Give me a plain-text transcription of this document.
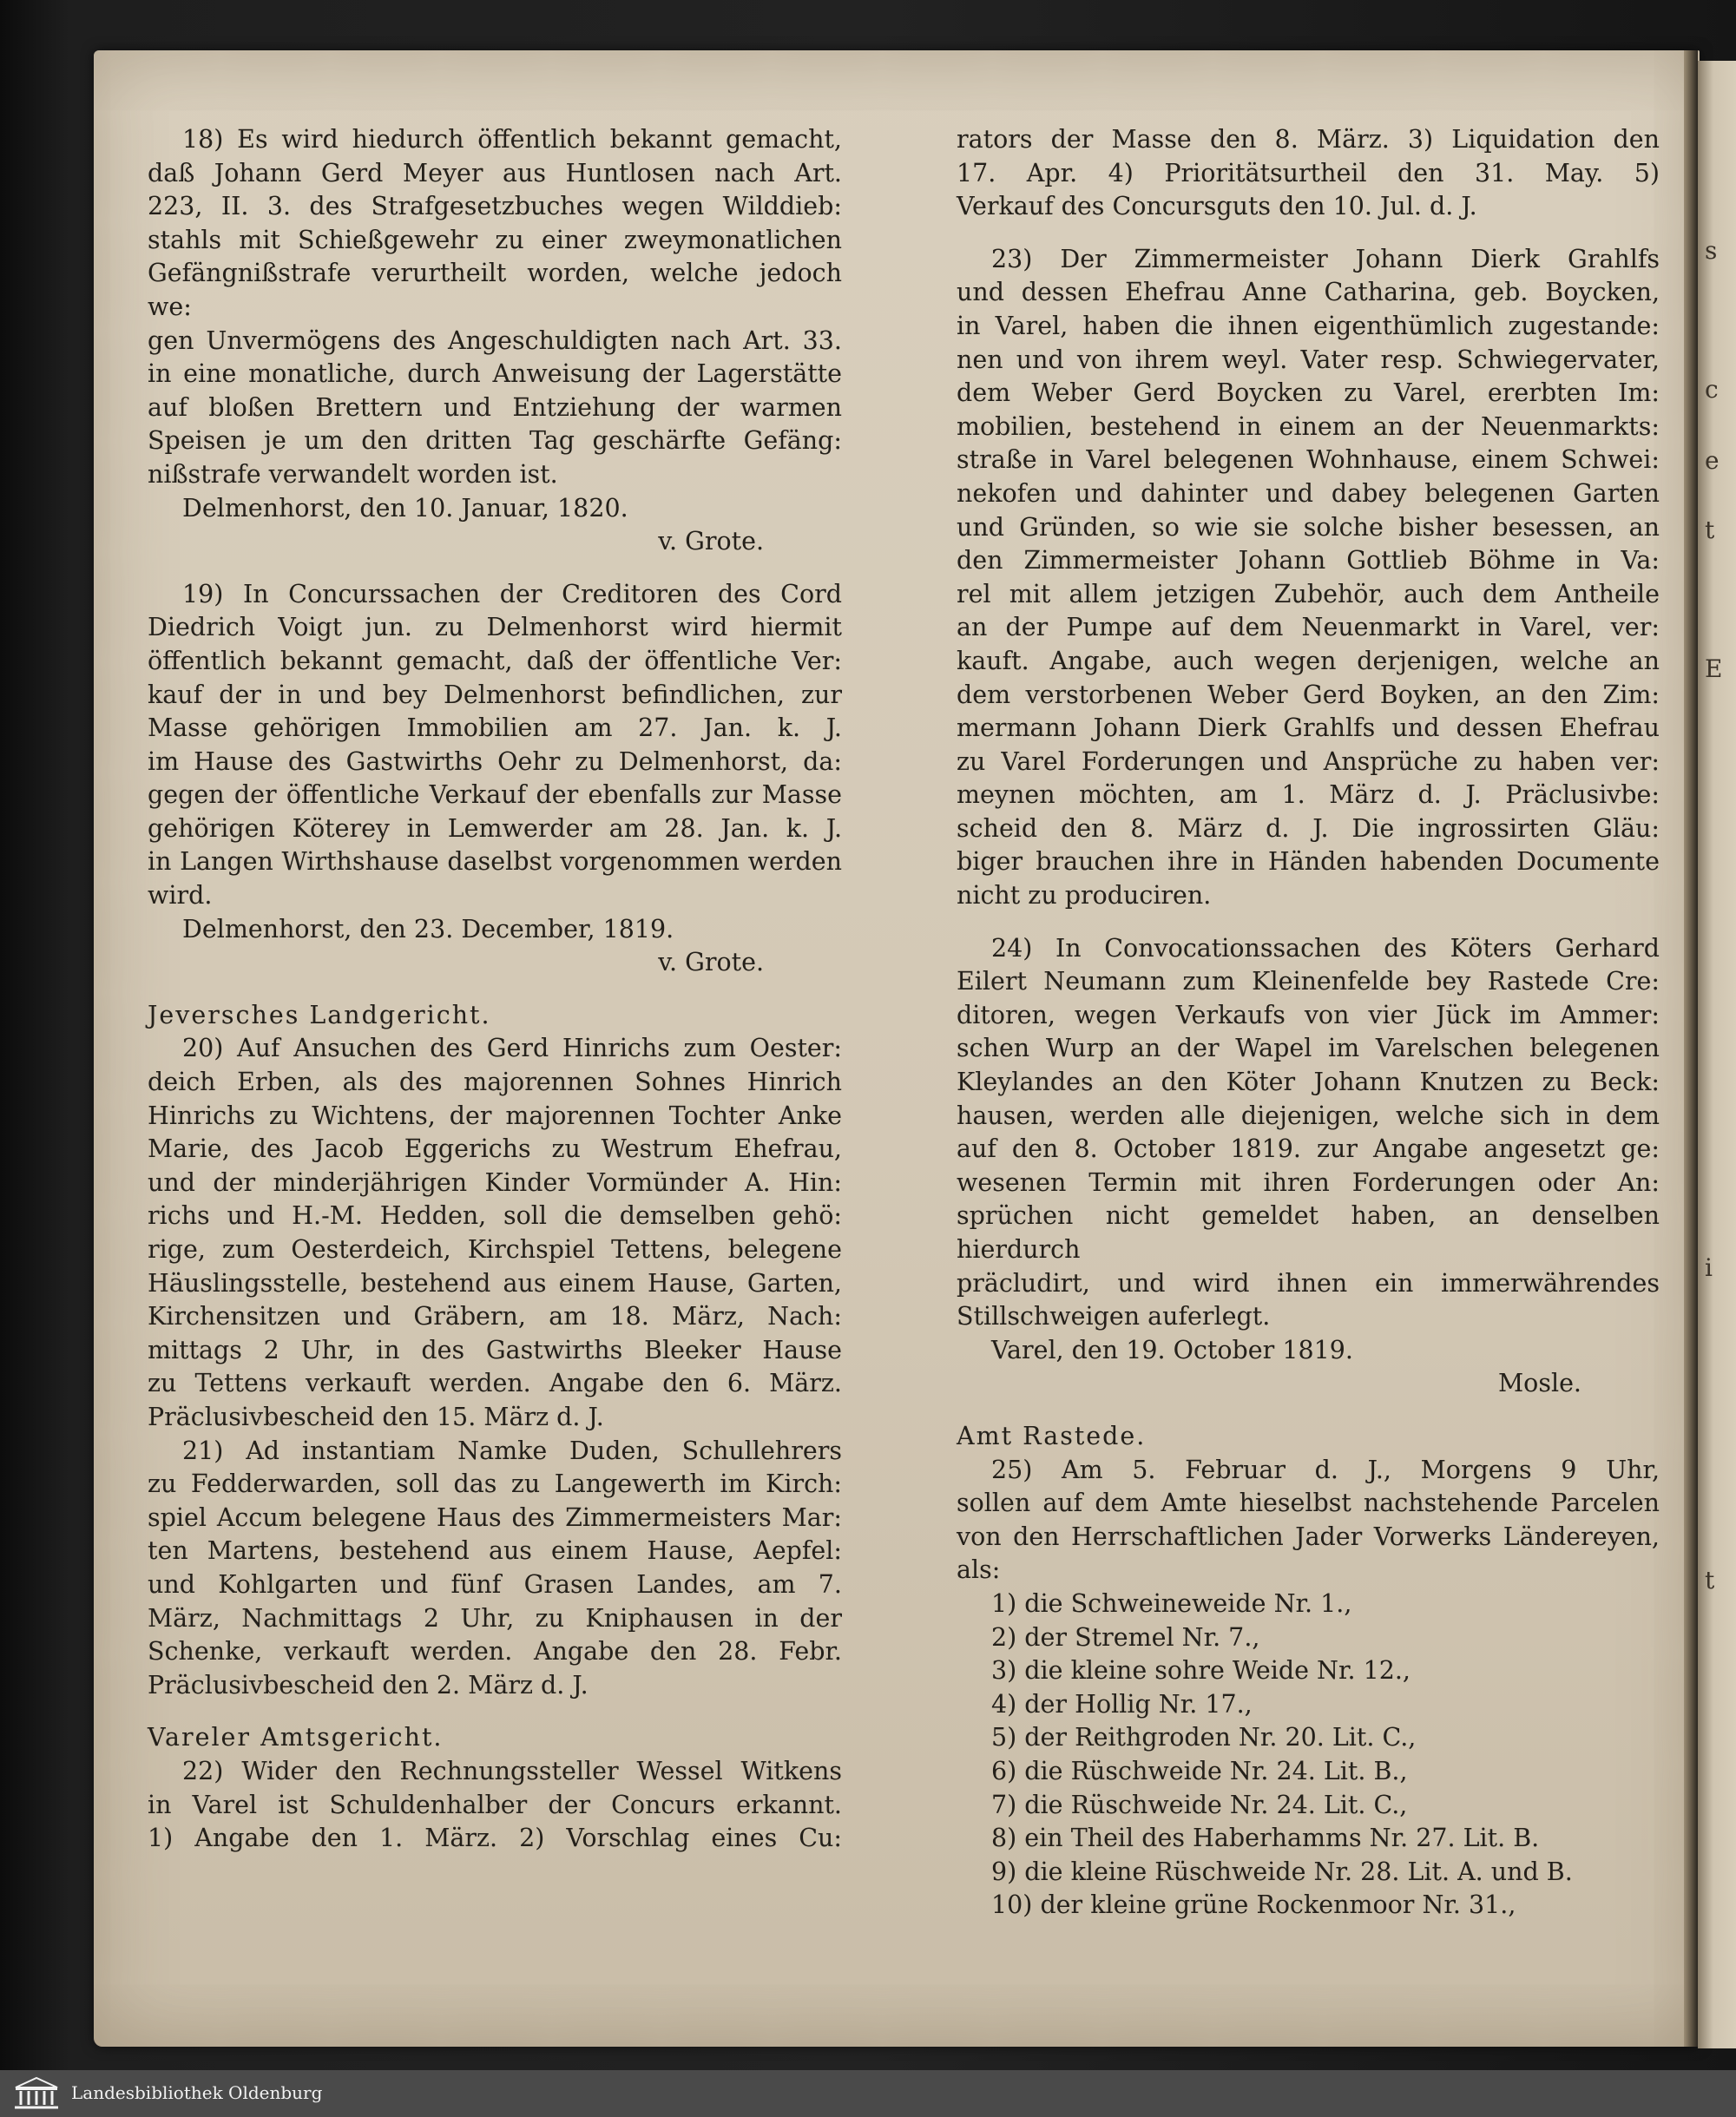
s
c
e
t
E
i
t

18) Es wird hiedurch öffentlich bekannt gemacht,

daß Johann Gerd Meyer aus Huntlosen nach Art.

223, II. 3. des Strafgesetzbuches wegen Wilddieb:

stahls mit Schießgewehr zu einer zweymonatlichen

Gefängnißstrafe verurtheilt worden, welche jedoch we:

gen Unvermögens des Angeschuldigten nach Art. 33.

in eine monatliche, durch Anweisung der Lagerstätte

auf bloßen Brettern und Entziehung der warmen

Speisen je um den dritten Tag geschärfte Gefäng:

nißstrafe verwandelt worden ist.

Delmenhorst, den 10. Januar, 1820.

v. Grote.

19) In Concurssachen der Creditoren des Cord

Diedrich Voigt jun. zu Delmenhorst wird hiermit

öffentlich bekannt gemacht, daß der öffentliche Ver:

kauf der in und bey Delmenhorst befindlichen, zur

Masse gehörigen Immobilien am 27. Jan. k. J.

im Hause des Gastwirths Oehr zu Delmenhorst, da:

gegen der öffentliche Verkauf der ebenfalls zur Masse

gehörigen Köterey in Lemwerder am 28. Jan. k. J.

in Langen Wirthshause daselbst vorgenommen werden

wird.

Delmenhorst, den 23. December, 1819.

v. Grote.

Jeversches Landgericht.

20) Auf Ansuchen des Gerd Hinrichs zum Oester:

deich Erben, als des majorennen Sohnes Hinrich

Hinrichs zu Wichtens, der majorennen Tochter Anke

Marie, des Jacob Eggerichs zu Westrum Ehefrau,

und der minderjährigen Kinder Vormünder A. Hin:

richs und H.-M. Hedden, soll die demselben gehö:

rige, zum Oesterdeich, Kirchspiel Tettens, belegene

Häuslingsstelle, bestehend aus einem Hause, Garten,

Kirchensitzen und Gräbern, am 18. März, Nach:

mittags 2 Uhr, in des Gastwirths Bleeker Hause

zu Tettens verkauft werden. Angabe den 6. März.

Präclusivbescheid den 15. März d. J.

21) Ad instantiam Namke Duden, Schullehrers

zu Fedderwarden, soll das zu Langewerth im Kirch:

spiel Accum belegene Haus des Zimmermeisters Mar:

ten Martens, bestehend aus einem Hause, Aepfel:

und Kohlgarten und fünf Grasen Landes, am 7.

März, Nachmittags 2 Uhr, zu Kniphausen in der

Schenke, verkauft werden. Angabe den 28. Febr.

Präclusivbescheid den 2. März d. J.

Vareler Amtsgericht.

22) Wider den Rechnungssteller Wessel Witkens

in Varel ist Schuldenhalber der Concurs erkannt.

1) Angabe den 1. März. 2) Vorschlag eines Cu:

rators der Masse den 8. März. 3) Liquidation den

17. Apr. 4) Prioritätsurtheil den 31. May. 5)

Verkauf des Concursguts den 10. Jul. d. J.

23) Der Zimmermeister Johann Dierk Grahlfs

und dessen Ehefrau Anne Catharina, geb. Boycken,

in Varel, haben die ihnen eigenthümlich zugestande:

nen und von ihrem weyl. Vater resp. Schwiegervater,

dem Weber Gerd Boycken zu Varel, ererbten Im:

mobilien, bestehend in einem an der Neuenmarkts:

straße in Varel belegenen Wohnhause, einem Schwei:

nekofen und dahinter und dabey belegenen Garten

und Gründen, so wie sie solche bisher besessen, an

den Zimmermeister Johann Gottlieb Böhme in Va:

rel mit allem jetzigen Zubehör, auch dem Antheile

an der Pumpe auf dem Neuenmarkt in Varel, ver:

kauft. Angabe, auch wegen derjenigen, welche an

dem verstorbenen Weber Gerd Boyken, an den Zim:

mermann Johann Dierk Grahlfs und dessen Ehefrau

zu Varel Forderungen und Ansprüche zu haben ver:

meynen möchten, am 1. März d. J. Präclusivbe:

scheid den 8. März d. J. Die ingrossirten Gläu:

biger brauchen ihre in Händen habenden Documente

nicht zu produciren.

24) In Convocationssachen des Köters Gerhard

Eilert Neumann zum Kleinenfelde bey Rastede Cre:

ditoren, wegen Verkaufs von vier Jück im Ammer:

schen Wurp an der Wapel im Varelschen belegenen

Kleylandes an den Köter Johann Knutzen zu Beck:

hausen, werden alle diejenigen, welche sich in dem

auf den 8. October 1819. zur Angabe angesetzt ge:

wesenen Termin mit ihren Forderungen oder An:

sprüchen nicht gemeldet haben, an denselben hierdurch

präcludirt, und wird ihnen ein immerwährendes

Stillschweigen auferlegt.

Varel, den 19. October 1819.

Mosle.

Amt Rastede.

25) Am 5. Februar d. J., Morgens 9 Uhr,

sollen auf dem Amte hieselbst nachstehende Parcelen

von den Herrschaftlichen Jader Vorwerks Ländereyen,

als:

1) die Schweineweide Nr. 1.,

2) der Stremel Nr. 7.,

3) die kleine sohre Weide Nr. 12.,

4) der Hollig Nr. 17.,

5) der Reithgroden Nr. 20. Lit. C.,

6) die Rüschweide Nr. 24. Lit. B.,

7) die Rüschweide Nr. 24. Lit. C.,

8) ein Theil des Haberhamms Nr. 27. Lit. B.

9) die kleine Rüschweide Nr. 28. Lit. A. und B.

10) der kleine grüne Rockenmoor Nr. 31.,

Landesbibliothek Oldenburg
